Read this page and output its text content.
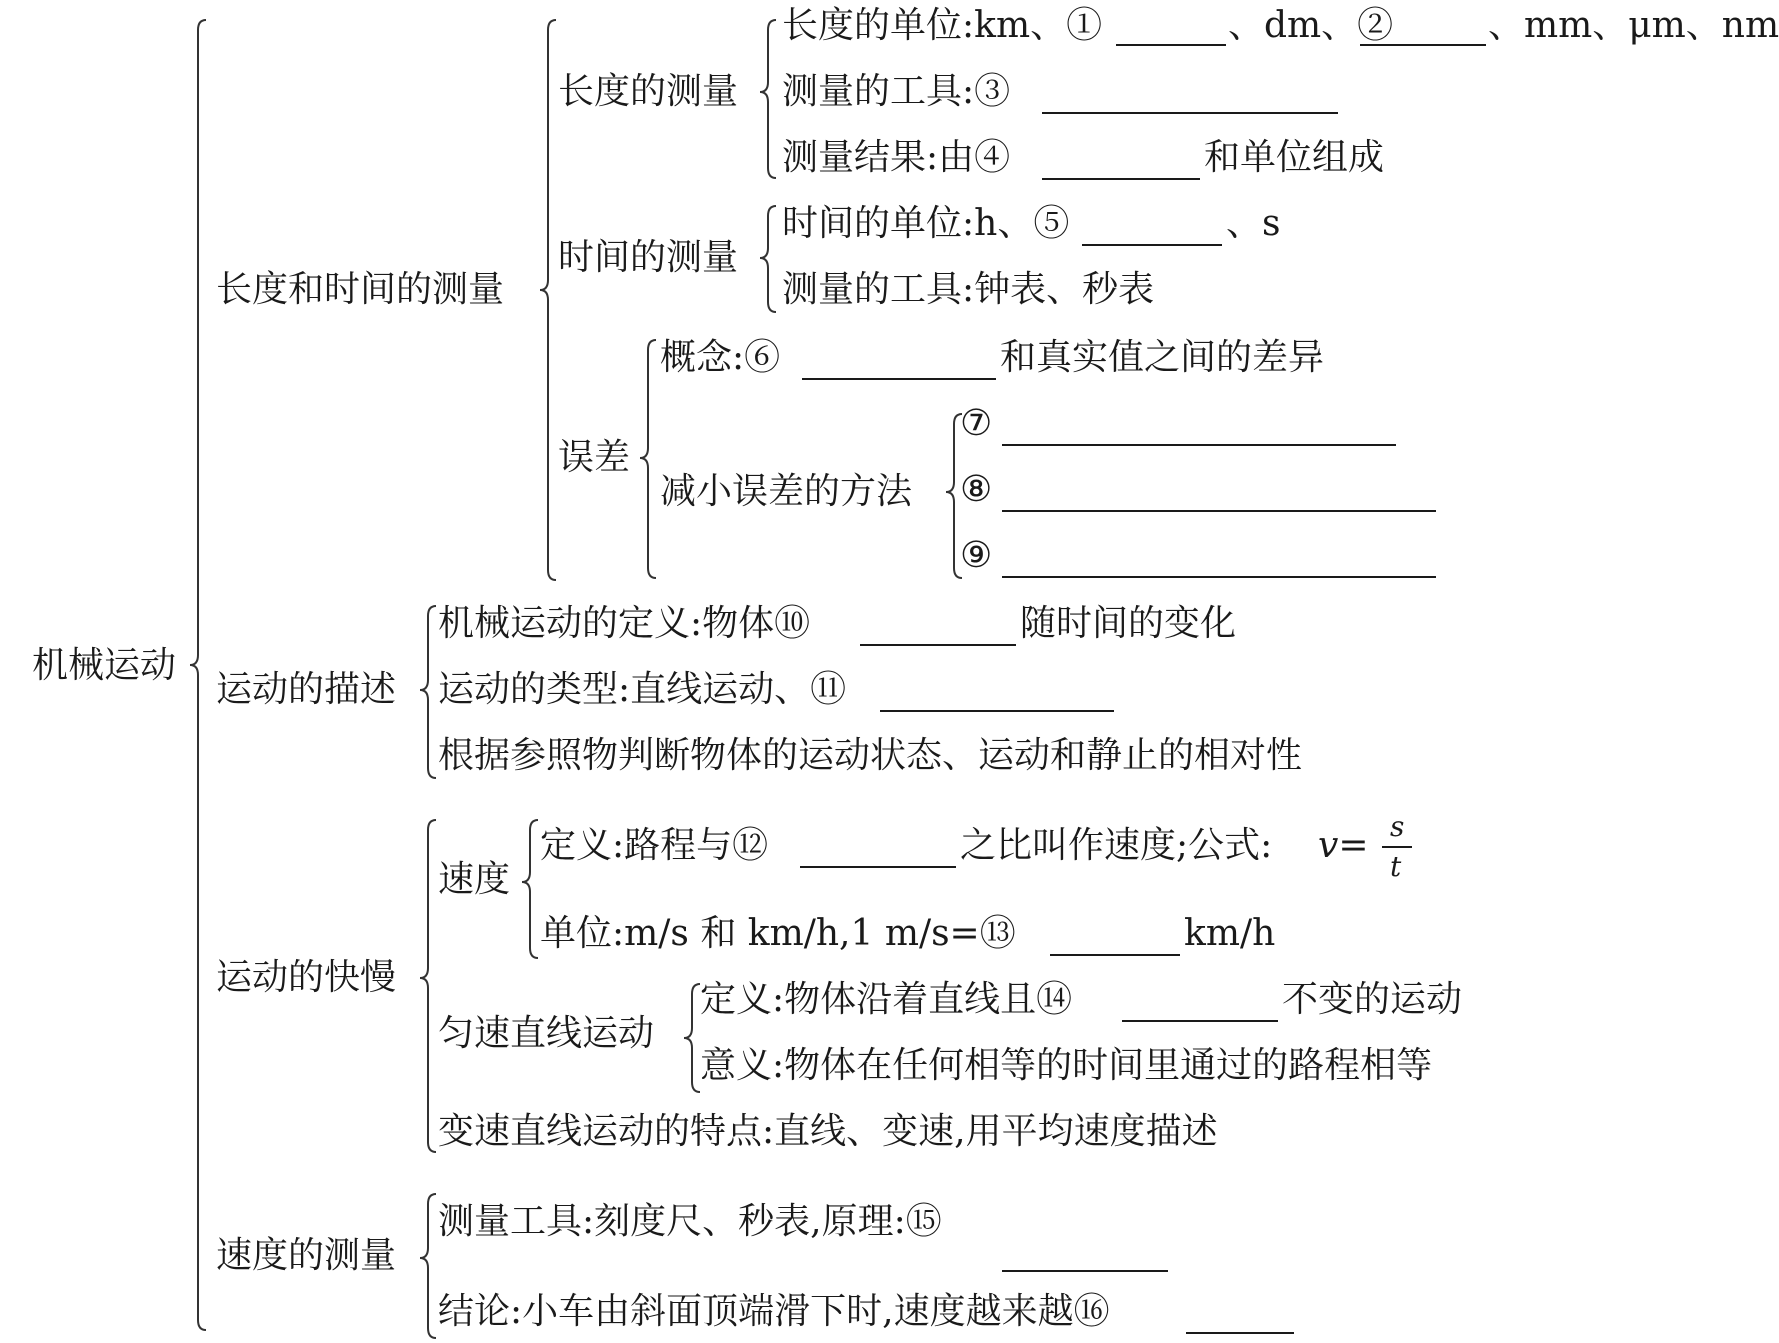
机械运动
长度和时间的测量
长度的测量
长度的单位:km、①	、dm、②	、mm、μm、nm
测量的工具:③
测量结果:由④	和单位组成
时间的测量
时间的单位:h、⑤	、s
测量的工具:钟表、秒表
误差
概念:⑥	和真实值之间的差异
减小误差的方法
⑦
⑧
⑨
运动的描述
机械运动的定义:物体⑩	随时间的变化
运动的类型:直线运动、⑪
根据参照物判断物体的运动状态、运动和静止的相对性
运动的快慢
速度
定义:路程与⑫	之比叫作速度;公式: v= s
t
单位:m/s 和 km/h,1 m/s=⑬	km/h
匀速直线运动
定义:物体沿着直线且⑭	不变的运动
意义:物体在任何相等的时间里通过的路程相等
变速直线运动的特点:直线、变速,用平均速度描述
速度的测量
测量工具:刻度尺、秒表,原理:⑮
结论:小车由斜面顶端滑下时,速度越来越⑯
